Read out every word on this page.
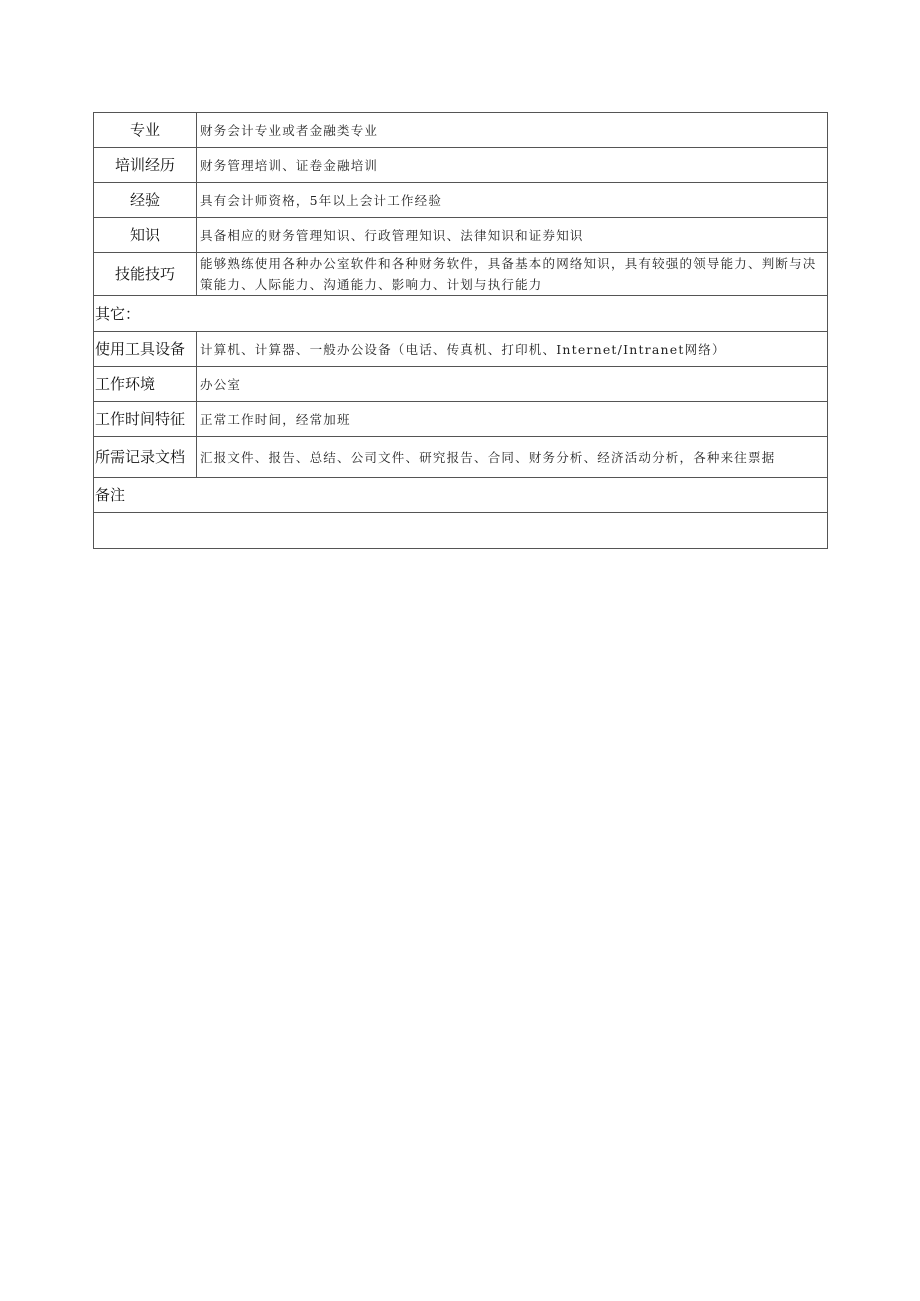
专业	财务会计专业或者金融类专业
培训经历	财务管理培训、证卷金融培训
经验	具有会计师资格，5年以上会计工作经验
知识	具备相应的财务管理知识、行政管理知识、法律知识和证券知识
技能技巧	能够熟练使用各种办公室软件和各种财务软件，具备基本的网络知识，具有较强的领导能力、判断与决策能力、人际能力、沟通能力、影响力、计划与执行能力
其它：	
使用工具设备	计算机、计算器、一般办公设备（电话、传真机、打印机、Internet/Intranet网络）
工作环境	办公室
工作时间特征	正常工作时间，经常加班
所需记录文档	汇报文件、报告、总结、公司文件、研究报告、合同、财务分析、经济活动分析，各种来往票据
备注	
